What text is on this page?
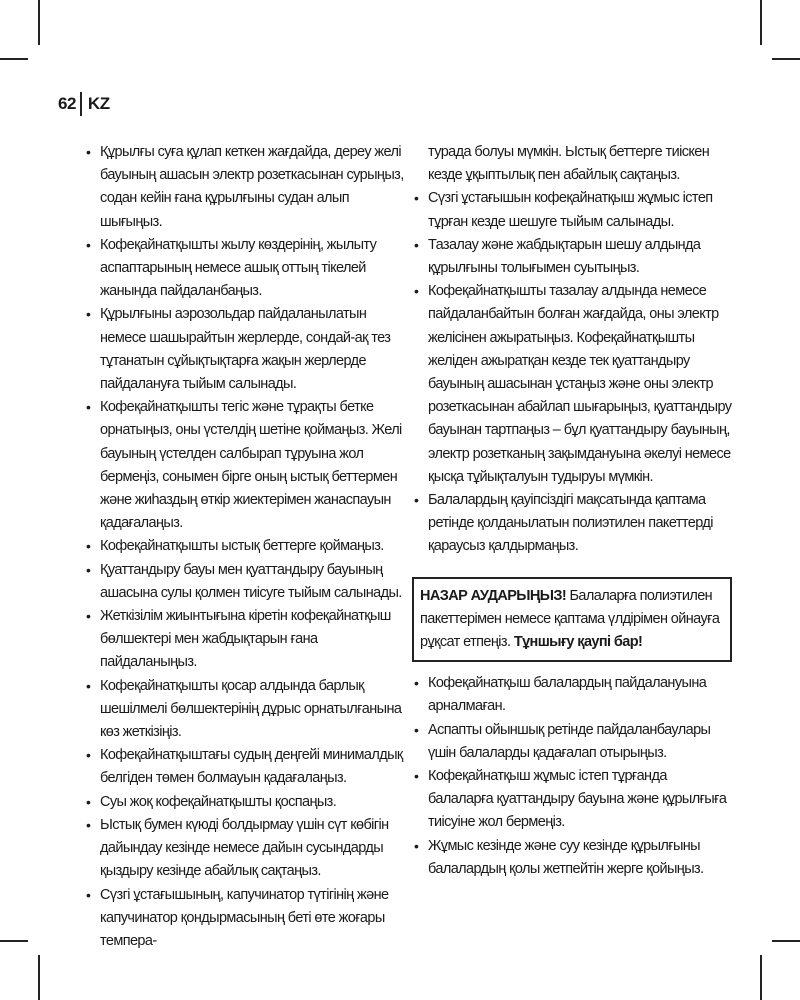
62 KZ
• Құрылғы суға құлап кеткен жағдайда, дереу желі бауының ашасын электр розеткасынан сурыңыз, содан кейін ғана құрылғыны судан алып шығыңыз.
• Кофеқайнатқышты жылу көздерінің, жылыту аспаптарының немесе ашық оттың тікелей жанында пайдаланбаңыз.
• Құрылғыны аэрозольдар пайдаланылатын немесе шашырайтын жерлерде, сондай-ақ тез тұтанатын сұйықтықтарға жақын жерлерде пайдалануға тыйым салынады.
• Кофеқайнатқышты тегіс және тұрақты бетке орнатыңыз, оны үстелдің шетіне қоймаңыз. Желі бауының үстелден салбырап тұруына жол бермеңіз, сонымен бірге оның ыстық беттермен және жиһаздың өткір жиектерімен жанаспауын қадағалаңыз.
• Кофеқайнатқышты ыстық беттерге қоймаңыз.
• Қуаттандыру бауы мен қуаттандыру бауының ашасына сулы қолмен тиісуге тыйым салынады.
• Жеткізілім жиынтығына кіретін кофеқайнатқыш бөлшектері мен жабдықтарын ғана пайдаланыңыз.
• Кофеқайнатқышты қосар алдында барлық шешілмелі бөлшектерінің дұрыс орнатылғанына көз жеткізіңіз.
• Кофеқайнатқыштағы судың деңгейі минималдық белгіден төмен болмауын қадағалаңыз.
• Суы жоқ кофеқайнатқышты қоспаңыз.
• Ыстық бумен күюді болдырмау үшін сүт көбігін дайындау кезінде немесе дайын сусындарды қыздыру кезінде абайлық сақтаңыз.
• Сүзгі ұстағышының, капучинатор түтігінің және капучинатор қондырмасының беті өте жоғары темпера-
турада болуы мүмкін. Ыстық беттерге тиіскен кезде ұқыптылық пен абайлық сақтаңыз.
• Сүзгі ұстағышын кофеқайнатқыш жұмыс істеп тұрған кезде шешуге тыйым салынады.
• Тазалау және жабдықтарын шешу алдында құрылғыны толығымен суытыңыз.
• Кофеқайнатқышты тазалау алдында немесе пайдаланбайтын болған жағдайда, оны электр желісінен ажыратыңыз. Кофеқайнатқышты желіден ажыратқан кезде тек қуаттандыру бауының ашасынан ұстаңыз және оны электр розеткасынан абайлап шығарыңыз, қуаттандыру бауынан тартпаңыз – бұл қуаттандыру бауының, электр розетканың зақымдануына әкелуі немесе қысқа тұйықталуын тудыруы мүмкін.
• Балалардың қауіпсіздігі мақсатында қаптама ретінде қолданылатын полиэтилен пакеттерді қараусыз қалдырмаңыз.
НАЗАР АУДАРЫҢЫЗ! Балаларға полиэтилен пакеттерімен немесе қаптама үлдірімен ойнауға рұқсат етпеңіз. Тұншығу қаупі бар!
• Кофеқайнатқыш балалардың пайдалануына арналмаған.
• Аспапты ойыншық ретінде пайдаланбаулары үшін балаларды қадағалап отырыңыз.
• Кофеқайнатқыш жұмыс істеп тұрғанда балаларға қуаттандыру бауына және құрылғыға тиісуіне жол бермеңіз.
• Жұмыс кезінде және суу кезінде құрылғыны балалардың қолы жетпейтін жерге қойыңыз.
